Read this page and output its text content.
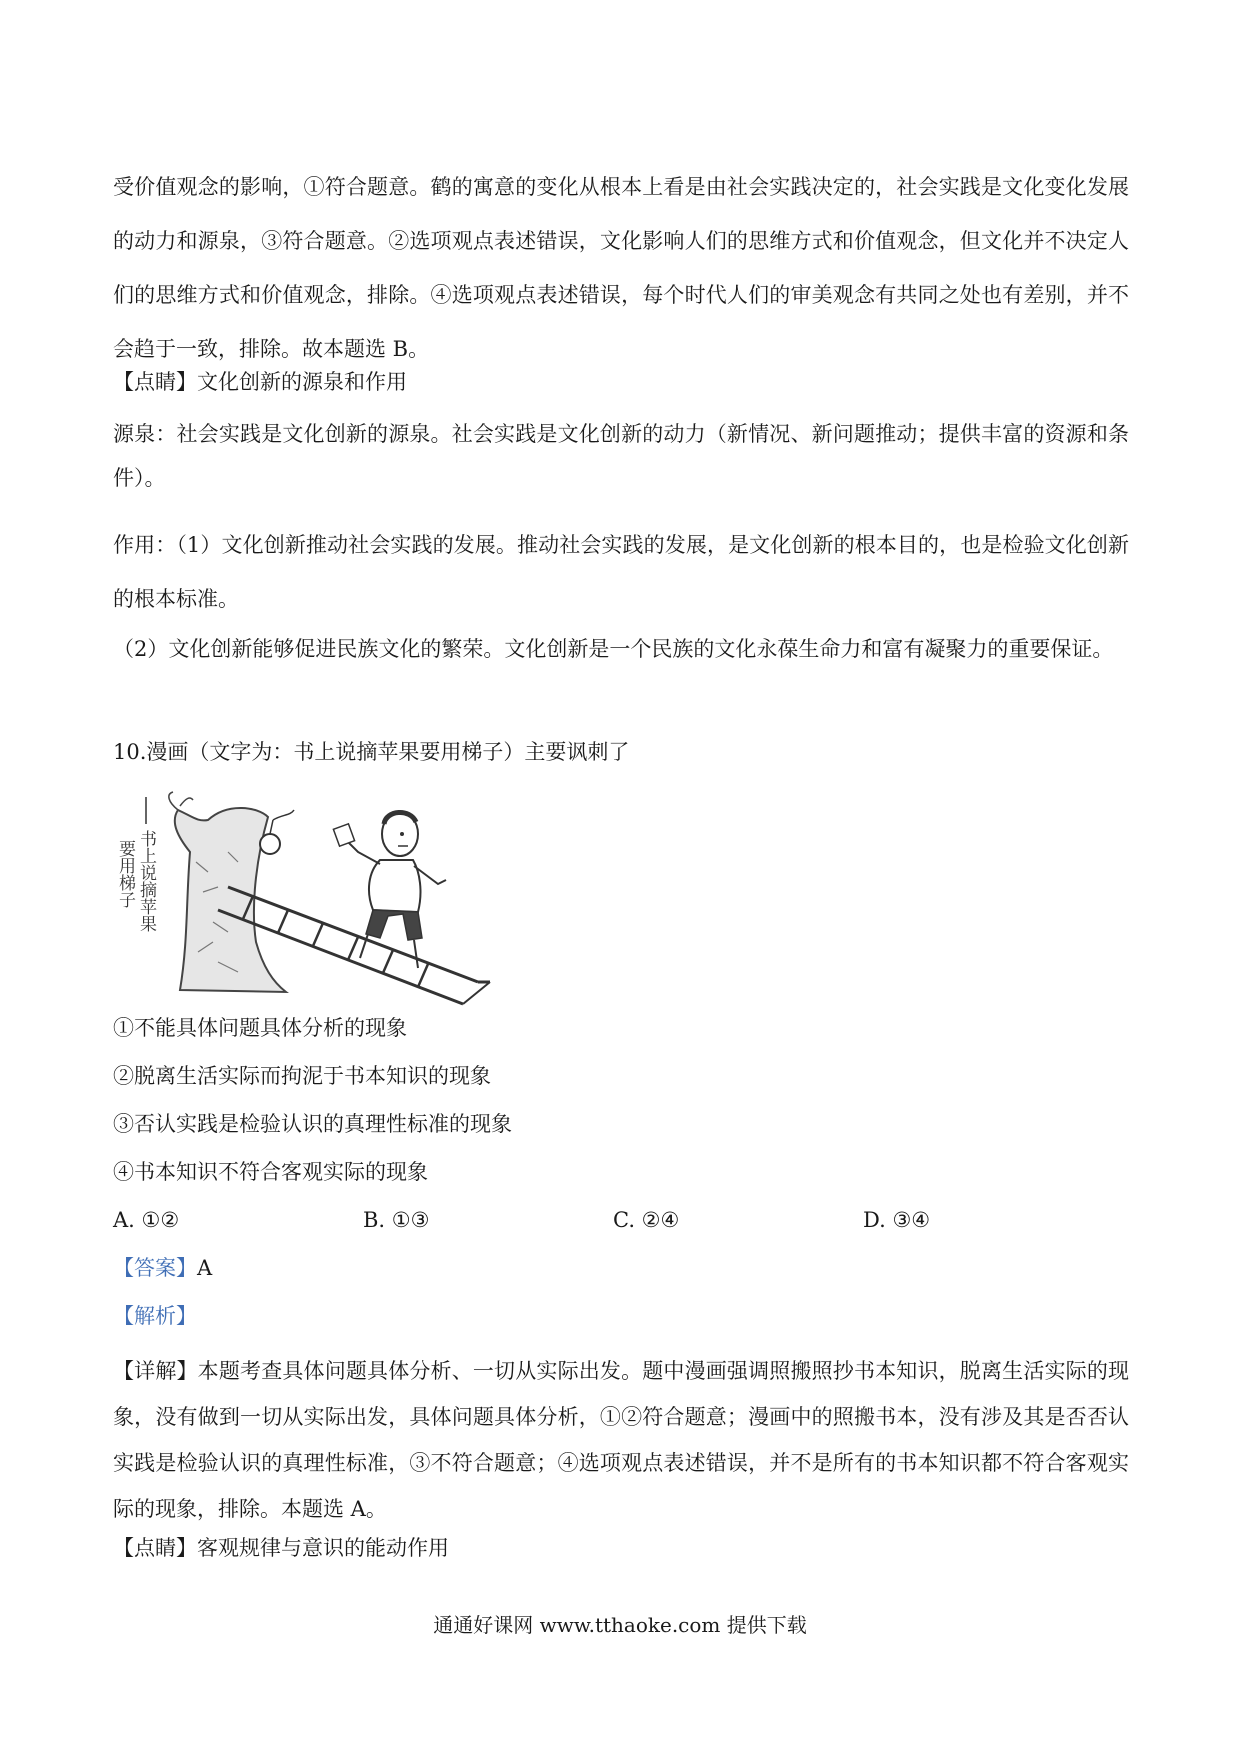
受价值观念的影响，①符合题意。鹤的寓意的变化从根本上看是由社会实践决定的，社会实践是文化变化发展的动力和源泉，③符合题意。②选项观点表述错误，文化影响人们的思维方式和价值观念，但文化并不决定人们的思维方式和价值观念，排除。④选项观点表述错误，每个时代人们的审美观念有共同之处也有差别，并不会趋于一致，排除。故本题选 B。
【点睛】文化创新的源泉和作用
源泉：社会实践是文化创新的源泉。社会实践是文化创新的动力（新情况、新问题推动；提供丰富的资源和条件）。
作用：（1）文化创新推动社会实践的发展。推动社会实践的发展，是文化创新的根本目的，也是检验文化创新的根本标准。
（2）文化创新能够促进民族文化的繁荣。文化创新是一个民族的文化永葆生命力和富有凝聚力的重要保证。
10.漫画（文字为：书上说摘苹果要用梯子）主要讽刺了
书上说摘苹果
要用梯子
①不能具体问题具体分析的现象
②脱离生活实际而拘泥于书本知识的现象
③否认实践是检验认识的真理性标准的现象
④书本知识不符合客观实际的现象
A. ①②	B. ①③	C. ②④	D. ③④
【答案】A
【解析】
【详解】本题考查具体问题具体分析、一切从实际出发。题中漫画强调照搬照抄书本知识，脱离生活实际的现象，没有做到一切从实际出发，具体问题具体分析，①②符合题意；漫画中的照搬书本，没有涉及其是否否认实践是检验认识的真理性标准，③不符合题意；④选项观点表述错误，并不是所有的书本知识都不符合客观实际的现象，排除。本题选 A。
【点睛】客观规律与意识的能动作用
通通好课网 www.tthaoke.com 提供下载
